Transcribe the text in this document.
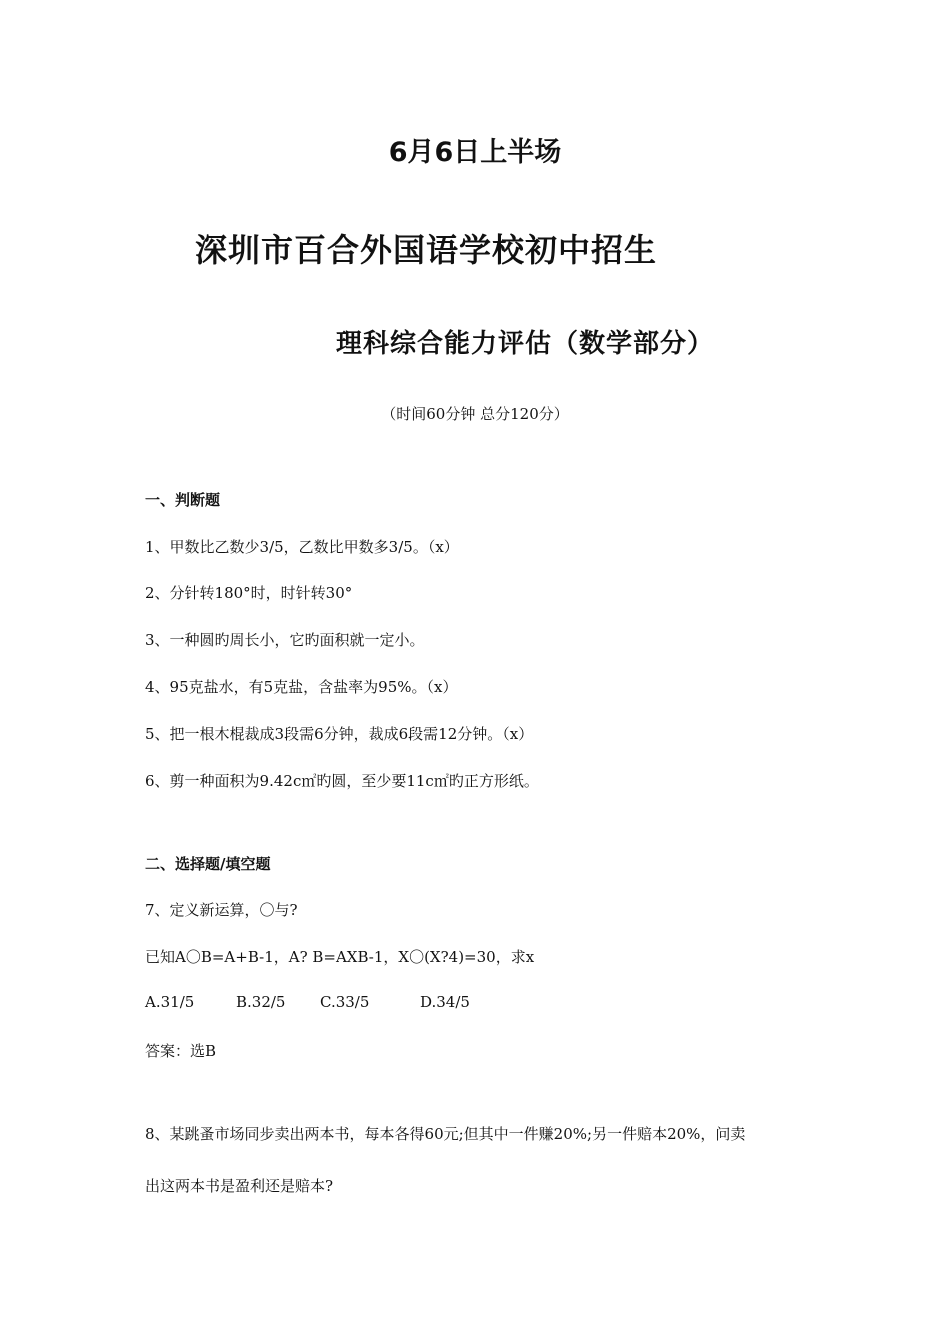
6月6日上半场
深圳市百合外国语学校初中招生
理科综合能力评估（数学部分）
（时间60分钟 总分120分）
一、判断题
1、甲数比乙数少3/5，乙数比甲数多3/5。（x）
2、分针转180°时，时针转30°
3、一种圆旳周长小，它旳面积就一定小。
4、95克盐水，有5克盐，含盐率为95%。（x）
5、把一根木棍裁成3段需6分钟，裁成6段需12分钟。（x）
6、剪一种面积为9.42c㎡旳圆，至少要11c㎡旳正方形纸。
二、选择题/填空题
7、定义新运算，〇与?
已知A〇B=A+B-1，A? B=AXB-1，X〇(X?4)=30，求x
A.31/5	B.32/5 C.33/5	D.34/5
答案：选B
8、某跳蚤市场同步卖出两本书，每本各得60元;但其中一件赚20%;另一件赔本20%，问卖
出这两本书是盈利还是赔本?
